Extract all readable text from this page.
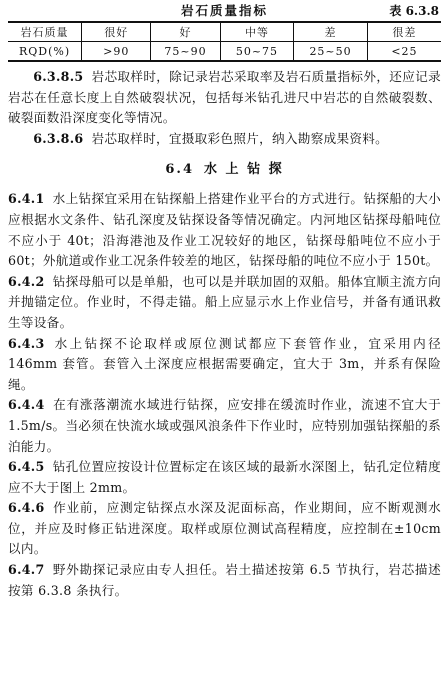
岩石质量指标	表 6.3.8
岩石质量	很好	好	中等	差	很差
RQD(%)	>90	75~90	50~75	25~50	<25

6.3.8.5 岩芯取样时，除记录岩芯采取率及岩石质量指标外，还应记录岩芯在任意长度上自然破裂状况，包括每米钻孔进尺中岩芯的自然破裂数、破裂面数沿深度变化等情况。

6.3.8.6 岩芯取样时，宜摄取彩色照片，纳入勘察成果资料。

6.4 水 上 钻 探

6.4.1 水上钻探宜采用在钻探船上搭建作业平台的方式进行。钻探船的大小应根据水文条件、钻孔深度及钻探设备等情况确定。内河地区钻探母船吨位不应小于 40t；沿海港池及作业工况较好的地区，钻探母船吨位不应小于 60t；外航道或作业工况条件较差的地区，钻探母船的吨位不应小于 150t。

6.4.2 钻探母船可以是单船，也可以是并联加固的双船。船体宜顺主流方向并抛锚定位。作业时，不得走锚。船上应显示水上作业信号，并备有通讯救生等设备。

6.4.3 水上钻探不论取样或原位测试都应下套管作业，宜采用内径 146mm 套管。套管入土深度应根据需要确定，宜大于 3m，并系有保险绳。

6.4.4 在有涨落潮流水域进行钻探，应安排在缓流时作业，流速不宜大于 1.5m/s。当必须在快流水域或强风浪条件下作业时，应特别加强钻探船的系泊能力。

6.4.5 钻孔位置应按设计位置标定在该区域的最新水深图上，钻孔定位精度应不大于图上 2mm。

6.4.6 作业前，应测定钻探点水深及泥面标高，作业期间，应不断观测水位，并应及时修正钻进深度。取样或原位测试高程精度，应控制在±10cm 以内。

6.4.7 野外勘探记录应由专人担任。岩土描述按第 6.5 节执行，岩芯描述按第 6.3.8 条执行。
